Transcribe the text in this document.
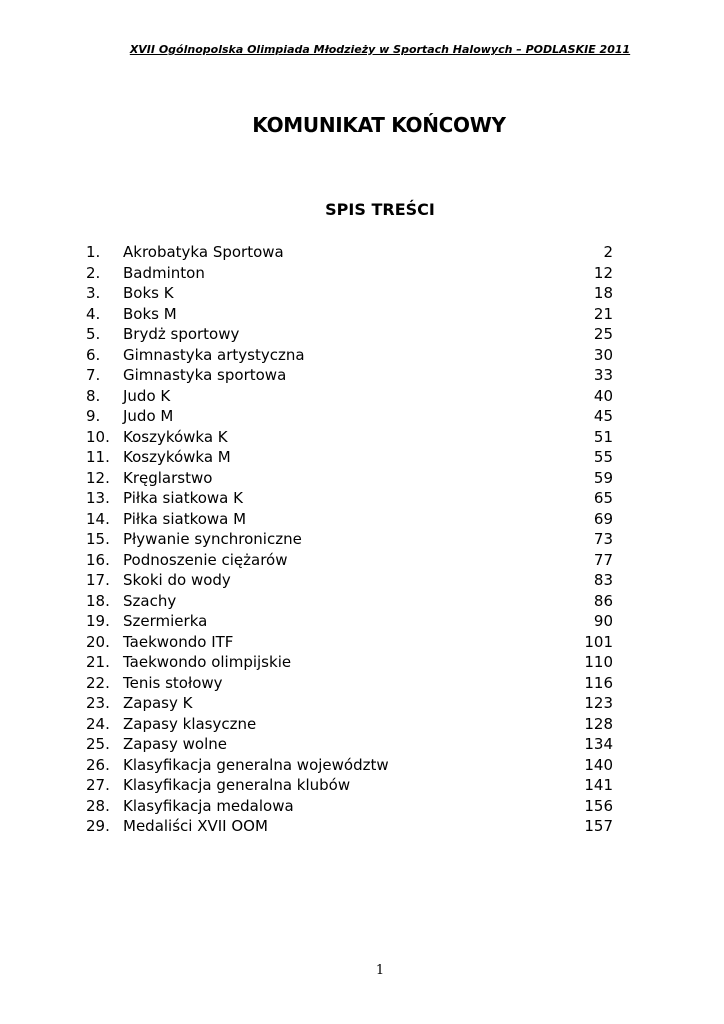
XVII Ogólnopolska Olimpiada Młodzieży w Sportach Halowych – PODLASKIE 2011
KOMUNIKAT KOŃCOWY
SPIS TREŚCI
1. Akrobatyka Sportowa	2
2. Badminton	12
3. Boks K	18
4. Boks M	21
5. Brydż sportowy	25
6. Gimnastyka artystyczna	30
7. Gimnastyka sportowa	33
8. Judo K	40
9. Judo M	45
10. Koszykówka K	51
11. Koszykówka M	55
12. Kręglarstwo	59
13. Piłka siatkowa K	65
14. Piłka siatkowa M	69
15. Pływanie synchroniczne	73
16. Podnoszenie ciężarów	77
17. Skoki do wody	83
18. Szachy	86
19. Szermierka	90
20. Taekwondo ITF	101
21. Taekwondo olimpijskie	110
22. Tenis stołowy	116
23. Zapasy K	123
24. Zapasy klasyczne	128
25. Zapasy wolne	134
26. Klasyfikacja generalna województw	140
27. Klasyfikacja generalna klubów	141
28. Klasyfikacja medalowa	156
29. Medaliści XVII OOM	157
1
